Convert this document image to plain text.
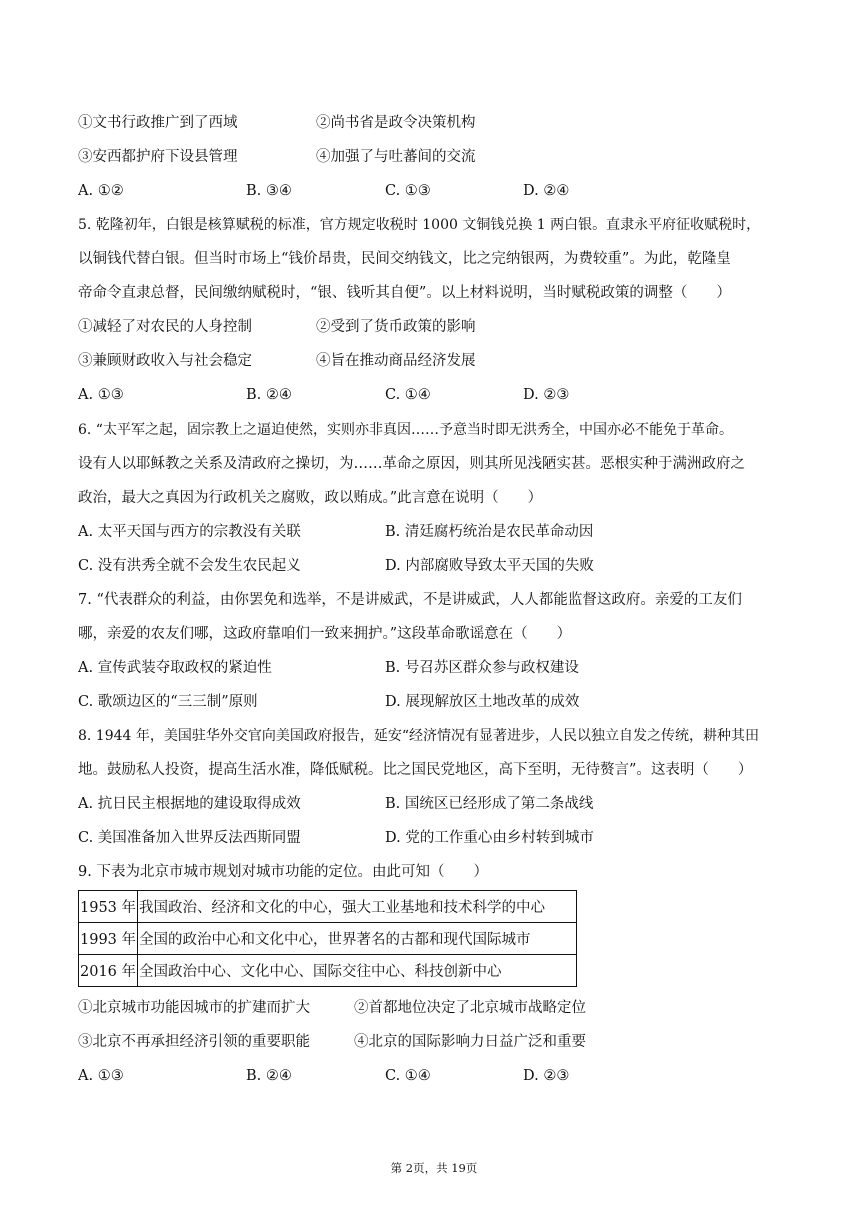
①文书行政推广到了西域	②尚书省是政令决策机构
③安西都护府下设县管理	④加强了与吐蕃间的交流
A. ①②	B. ③④	C. ①③	D. ②④
5. 乾隆初年，白银是核算赋税的标准，官方规定收税时 1000 文铜钱兑换 1 两白银。直隶永平府征收赋税时，
以铜钱代替白银。但当时市场上“钱价昂贵，民间交纳钱文，比之完纳银两，为费较重”。为此，乾隆皇
帝命令直隶总督，民间缴纳赋税时，“银、钱听其自便”。以上材料说明，当时赋税政策的调整（　　）
①减轻了对农民的人身控制	②受到了货币政策的影响
③兼顾财政收入与社会稳定	④旨在推动商品经济发展
A. ①③	B. ②④	C. ①④	D. ②③
6. “太平军之起，固宗教上之逼迫使然，实则亦非真因……予意当时即无洪秀全，中国亦必不能免于革命。
设有人以耶稣教之关系及清政府之操切，为……革命之原因，则其所见浅陋实甚。恶根实种于满洲政府之
政治，最大之真因为行政机关之腐败，政以贿成。”此言意在说明（　　）
A. 太平天国与西方的宗教没有关联	B. 清廷腐朽统治是农民革命动因
C. 没有洪秀全就不会发生农民起义	D. 内部腐败导致太平天国的失败
7. “代表群众的利益，由你罢免和选举，不是讲威武，不是讲威武，人人都能监督这政府。亲爱的工友们
哪，亲爱的农友们哪，这政府靠咱们一致来拥护。”这段革命歌谣意在（　　）
A. 宣传武装夺取政权的紧迫性	B. 号召苏区群众参与政权建设
C. 歌颂边区的“三三制”原则	D. 展现解放区土地改革的成效
8. 1944 年，美国驻华外交官向美国政府报告，延安“经济情况有显著进步，人民以独立自发之传统，耕种其田
地。鼓励私人投资，提高生活水准，降低赋税。比之国民党地区，高下至明，无待赘言”。这表明（　　）
A. 抗日民主根据地的建设取得成效	B. 国统区已经形成了第二条战线
C. 美国准备加入世界反法西斯同盟	D. 党的工作重心由乡村转到城市
9. 下表为北京市城市规划对城市功能的定位。由此可知（　　）
1953 年	我国政治、经济和文化的中心，强大工业基地和技术科学的中心
1993 年	全国的政治中心和文化中心，世界著名的古都和现代国际城市
2016 年	全国政治中心、文化中心、国际交往中心、科技创新中心
①北京城市功能因城市的扩建而扩大	②首都地位决定了北京城市战略定位
③北京不再承担经济引领的重要职能	④北京的国际影响力日益广泛和重要
A. ①③	B. ②④	C. ①④	D. ②③
第 2页，共 19页
